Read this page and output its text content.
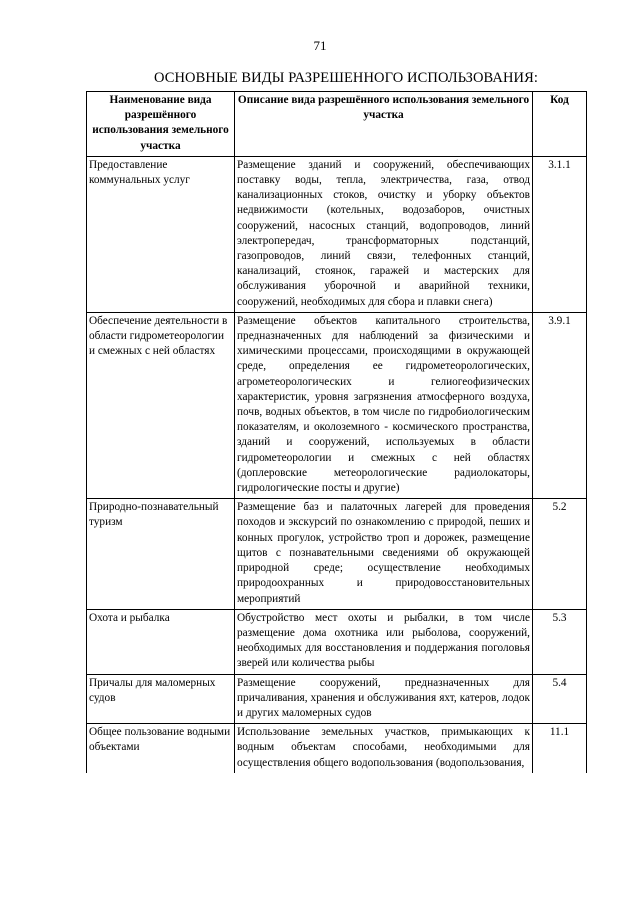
71
ОСНОВНЫЕ ВИДЫ РАЗРЕШЕННОГО ИСПОЛЬЗОВАНИЯ:
Наименование вида разрешённого использования земельного участка	Описание вида разрешённого использования земельного участка	Код
Предоставление коммунальных услуг	Размещение зданий и сооружений, обеспечивающих поставку воды, тепла, электричества, газа, отвод канализационных стоков, очистку и уборку объектов недвижимости (котельных, водозаборов, очистных сооружений, насосных станций, водопроводов, линий электропередач, трансформаторных подстанций, газопроводов, линий связи, телефонных станций, канализаций, стоянок, гаражей и мастерских для обслуживания уборочной и аварийной техники, сооружений, необходимых для сбора и плавки снега)	3.1.1
Обеспечение деятельности в области гидрометеорологии и смежных с ней областях	Размещение объектов капитального строительства, предназначенных для наблюдений за физическими и химическими процессами, происходящими в окружающей среде, определения ее гидрометеорологических, агрометеорологических и гелиогеофизических характеристик, уровня загрязнения атмосферного воздуха, почв, водных объектов, в том числе по гидробиологическим показателям, и околоземного - космического пространства, зданий и сооружений, используемых в области гидрометеорологии и смежных с ней областях (доплеровские метеорологические радиолокаторы, гидрологические посты и другие)	3.9.1
Природно-познавательный туризм	Размещение баз и палаточных лагерей для проведения походов и экскурсий по ознакомлению с природой, пеших и конных прогулок, устройство троп и дорожек, размещение щитов с познавательными сведениями об окружающей природной среде; осуществление необходимых природоохранных и природовосстановительных мероприятий	5.2
Охота и рыбалка	Обустройство мест охоты и рыбалки, в том числе размещение дома охотника или рыболова, сооружений, необходимых для восстановления и поддержания поголовья зверей или количества рыбы	5.3
Причалы для маломерных судов	Размещение сооружений, предназначенных для причаливания, хранения и обслуживания яхт, катеров, лодок и других маломерных судов	5.4
Общее пользование водными объектами	Использование земельных участков, примыкающих к водным объектам способами, необходимыми для осуществления общего водопользования (водопользования,	11.1
